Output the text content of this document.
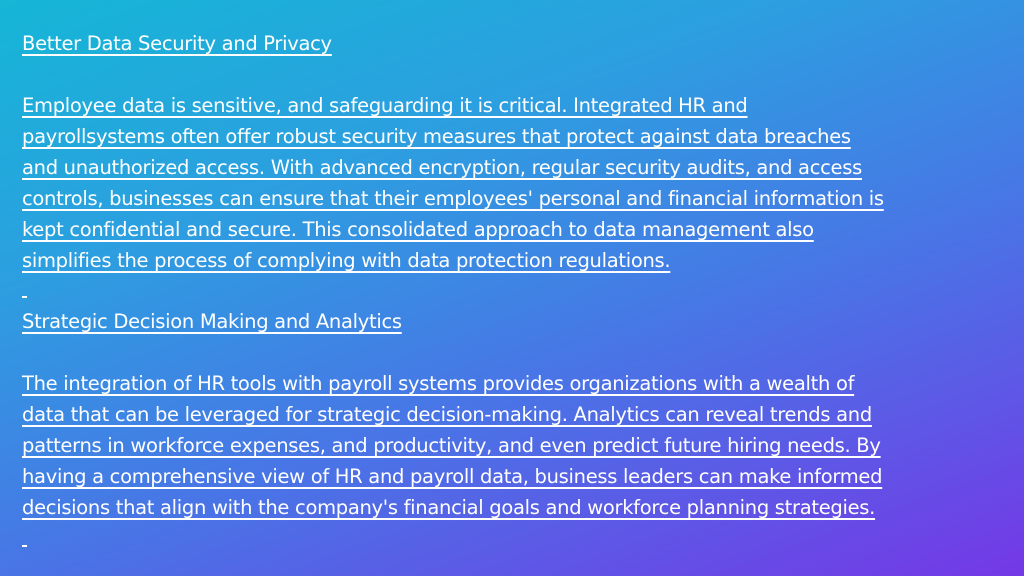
Better Data Security and Privacy

Employee data is sensitive, and safeguarding it is critical. Integrated HR and

payrollsystems often offer robust security measures that protect against data breaches

and unauthorized access. With advanced encryption, regular security audits, and access

controls, businesses can ensure that their employees' personal and financial information is

kept confidential and secure. This consolidated approach to data management also

simplifies the process of complying with data protection regulations.

Strategic Decision Making and Analytics

The integration of HR tools with payroll systems provides organizations with a wealth of

data that can be leveraged for strategic decision-making. Analytics can reveal trends and

patterns in workforce expenses, and productivity, and even predict future hiring needs. By

having a comprehensive view of HR and payroll data, business leaders can make informed

decisions that align with the company's financial goals and workforce planning strategies.
